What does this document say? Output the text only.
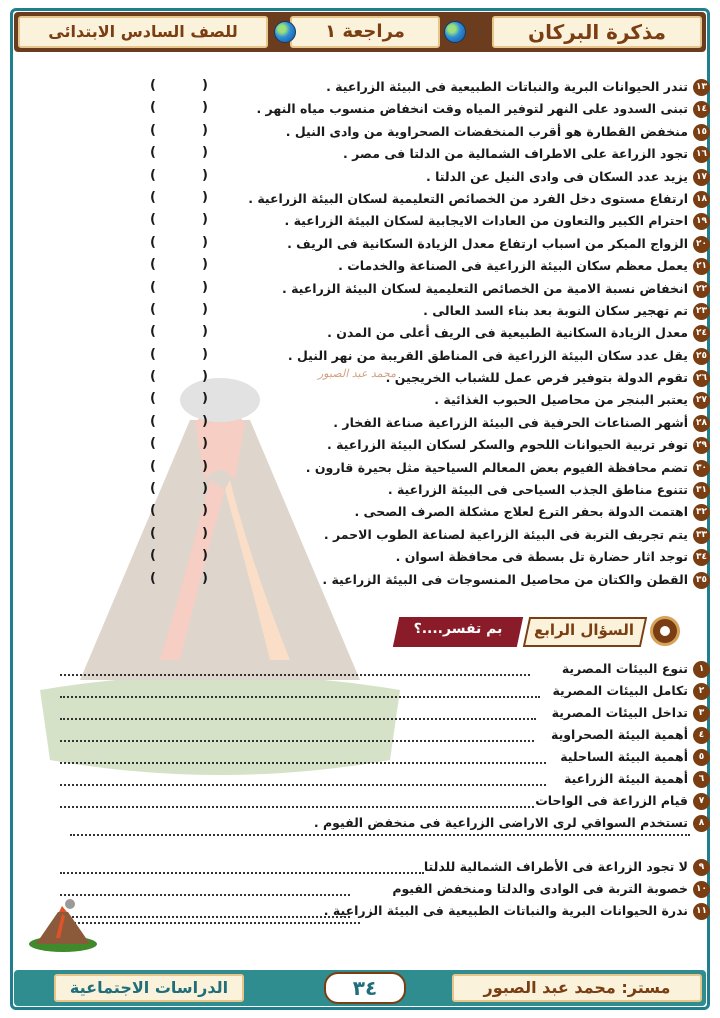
مذكرة البركان
مراجعة ١
للصف السادس الابتدائى
محمد عبد الصبور
١٣
تندر الحيوانات البرية والنباتات الطبيعية فى البيئة الزراعية .
(
)
١٤
تبنى السدود على النهر لتوفير المياه وقت انخفاض منسوب مياه النهر .
(
)
١٥
منخفض القطارة هو أقرب المنخفضات الصحراوية من وادى النيل .
(
)
١٦
تجود الزراعة على الاطراف الشمالية من الدلتا فى مصر .
(
)
١٧
يزيد عدد السكان فى وادى النيل عن الدلتا .
(
)
١٨
ارتفاع مستوى دخل الفرد من الخصائص التعليمية لسكان البيئة الزراعية .
(
)
١٩
احترام الكبير والتعاون من العادات الايجابية لسكان البيئة الزراعية .
(
)
٢٠
الزواج المبكر من اسباب ارتفاع معدل الزيادة السكانية فى الريف .
(
)
٢١
يعمل معظم سكان البيئة الزراعية فى الصناعة والخدمات .
(
)
٢٢
انخفاض نسبة الامية من الخصائص التعليمية لسكان البيئة الزراعية .
(
)
٢٣
تم تهجير سكان النوبة بعد بناء السد العالى .
(
)
٢٤
معدل الزيادة السكانية الطبيعية فى الريف أعلى من المدن .
(
)
٢٥
يقل عدد سكان البيئة الزراعية فى المناطق القريبة من نهر النيل .
(
)
٢٦
تقوم الدولة بتوفير فرص عمل للشباب الخريجين .
(
)
٢٧
يعتبر البنجر من محاصيل الحبوب الغذائية .
(
)
٢٨
أشهر الصناعات الحرفية فى البيئة الزراعية صناعة الفخار .
(
)
٢٩
توفر تربية الحيوانات اللحوم والسكر لسكان البيئة الزراعية .
(
)
٣٠
تضم محافظة الفيوم بعض المعالم السياحية مثل بحيرة قارون .
(
)
٣١
تتنوع مناطق الجذب السياحى فى البيئة الزراعية .
(
)
٣٢
اهتمت الدولة بحفر الترع لعلاج مشكلة الصرف الصحى .
(
)
٣٣
يتم تجريف التربة فى البيئة الزراعية لصناعة الطوب الاحمر .
(
)
٣٤
توجد اثار حضارة تل بسطة فى محافظة اسوان .
(
)
٣٥
القطن والكتان من محاصيل المنسوجات فى البيئة الزراعية .
(
)
السؤال الرابع
بم تفسر....؟
١
تنوع البيئات المصرية
٢
تكامل البيئات المصرية
٣
تداخل البيئات المصرية
٤
أهمية البيئة الصحراوية
٥
أهمية البيئة الساحلية
٦
أهمية البيئة الزراعية
٧
قيام الزراعة فى الواحات
٨
تستخدم السواقي لرى الاراضى الزراعية فى منخفض الفيوم .
٩
لا تجود الزراعة فى الأطراف الشمالية للدلتا
١٠
خصوبة التربة فى الوادى والدلتا ومنخفض الفيوم
١١
ندرة الحيوانات البرية والنباتات الطبيعية فى البيئة الزراعية .
مستر: محمد عبد الصبور
٣٤
الدراسات الاجتماعية
